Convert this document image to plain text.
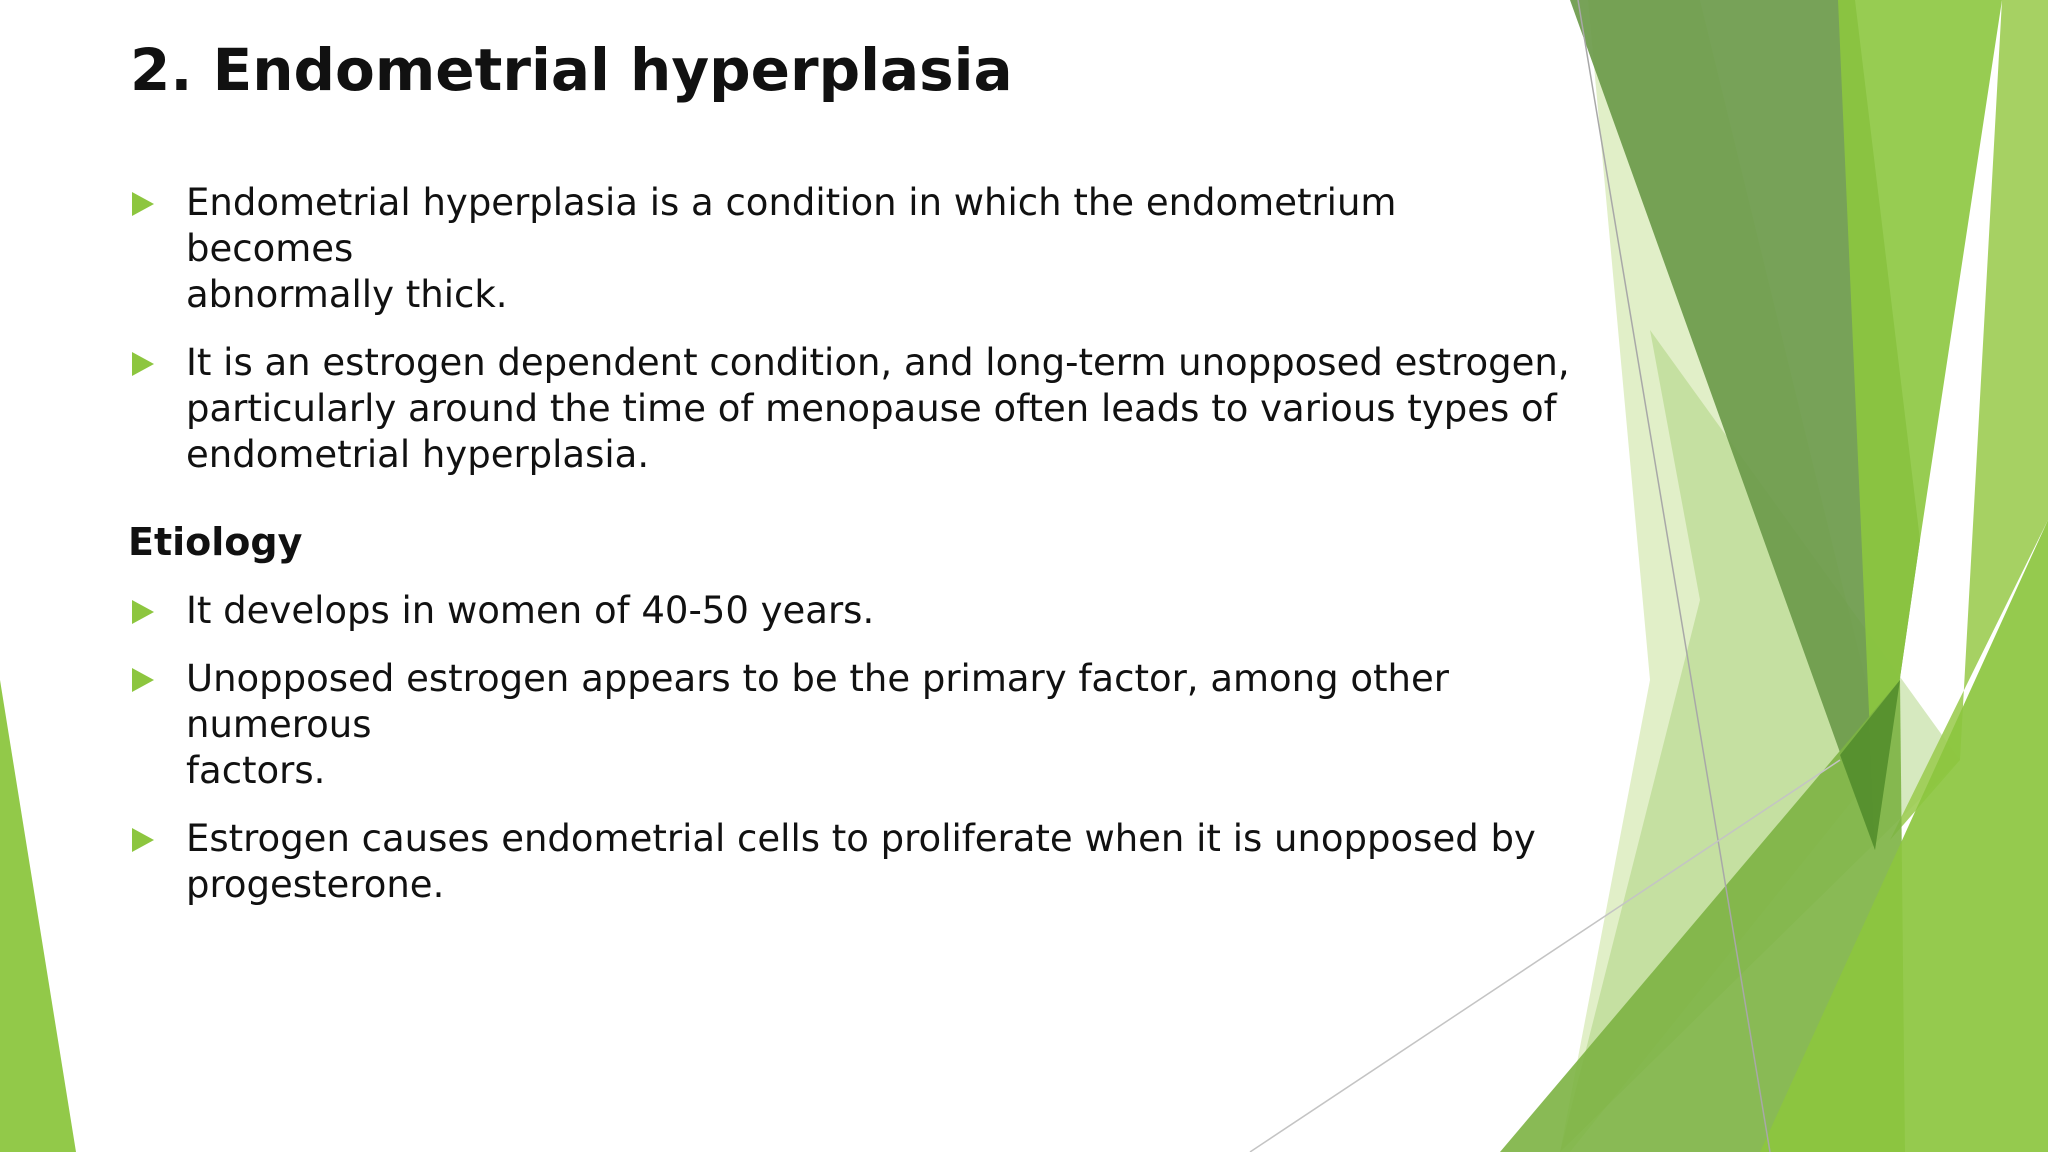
2. Endometrial hyperplasia
Endometrial hyperplasia is a condition in which the endometrium becomes
abnormally thick.
It is an estrogen dependent condition, and long-term unopposed estrogen,
particularly around the time of menopause often leads to various types of
endometrial hyperplasia.
Etiology
It develops in women of 40-50 years.
Unopposed estrogen appears to be the primary factor, among other numerous
factors.
Estrogen causes endometrial cells to proliferate when it is unopposed by
progesterone.
